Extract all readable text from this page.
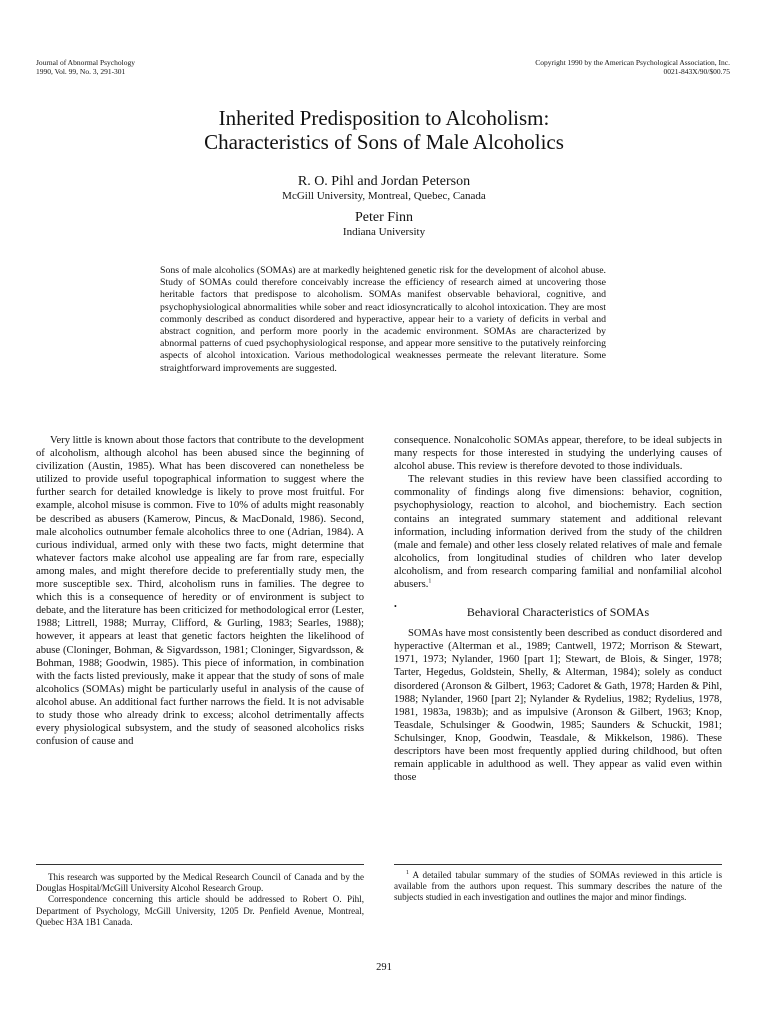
Journal of Abnormal Psychology
1990, Vol. 99, No. 3, 291-301
Copyright 1990 by the American Psychological Association, Inc.
0021-843X/90/$00.75
Inherited Predisposition to Alcoholism:
Characteristics of Sons of Male Alcoholics
R. O. Pihl and Jordan Peterson
McGill University, Montreal, Quebec, Canada
Peter Finn
Indiana University
Sons of male alcoholics (SOMAs) are at markedly heightened genetic risk for the development of alcohol abuse. Study of SOMAs could therefore conceivably increase the efficiency of research aimed at uncovering those heritable factors that predispose to alcoholism. SOMAs manifest observable behavioral, cognitive, and psychophysiological abnormalities while sober and react idiosyncratically to alcohol intoxication. They are most commonly described as conduct disordered and hyperactive, appear heir to a variety of deficits in verbal and abstract cognition, and perform more poorly in the academic environment. SOMAs are characterized by abnormal patterns of cued psychophysiological response, and appear more sensitive to the putatively reinforcing aspects of alcohol intoxication. Various methodological weaknesses permeate the relevant literature. Some straightforward improvements are suggested.

Very little is known about those factors that contribute to the development of alcoholism, although alcohol has been abused since the beginning of civilization (Austin, 1985). What has been discovered can nonetheless be utilized to provide useful topographical information to suggest where the further search for detailed knowledge is likely to prove most fruitful. For example, alcohol misuse is common. Five to 10% of adults might reasonably be described as abusers (Kamerow, Pincus, & MacDonald, 1986). Second, male alcoholics outnumber female alcoholics three to one (Adrian, 1984). A curious individual, armed only with these two facts, might determine that whatever factors make alcohol use appealing are far from rare, especially among males, and might therefore decide to preferentially study men, the more susceptible sex. Third, alcoholism runs in families. The degree to which this is a consequence of heredity or of environment is subject to debate, and the literature has been criticized for methodological error (Lester, 1988; Littrell, 1988; Murray, Clifford, & Gurling, 1983; Searles, 1988); however, it appears at least that genetic factors heighten the likelihood of abuse (Cloninger, Bohman, & Sigvardsson, 1981; Cloninger, Sigvardsson, & Bohman, 1988; Goodwin, 1985). This piece of information, in combination with the facts listed previously, make it appear that the study of sons of male alcoholics (SOMAs) might be particularly useful in analysis of the cause of alcohol abuse. An additional fact further narrows the field. It is not advisable to study those who already drink to excess; alcohol detrimentally affects every physiological subsystem, and the study of seasoned alcoholics risks confusion of cause and

consequence. Nonalcoholic SOMAs appear, therefore, to be ideal subjects in many respects for those interested in studying the underlying causes of alcohol abuse. This review is therefore devoted to those individuals.

The relevant studies in this review have been classified according to commonality of findings along five dimensions: behavior, cognition, psychophysiology, reaction to alcohol, and biochemistry. Each section contains an integrated summary statement and additional relevant information, including information derived from the study of the children (male and female) and other less closely related relatives of male and female alcoholics, from longitudinal studies of children who later develop alcoholism, and from research comparing familial and nonfamilial alcohol abusers.$^1$

•	Behavioral Characteristics of SOMAs

SOMAs have most consistently been described as conduct disordered and hyperactive (Alterman et al., 1989; Cantwell, 1972; Morrison & Stewart, 1971, 1973; Nylander, 1960 [part 1]; Stewart, de Blois, & Singer, 1978; Tarter, Hegedus, Goldstein, Shelly, & Alterman, 1984); solely as conduct disordered (Aronson & Gilbert, 1963; Cadoret & Gath, 1978; Harden & Pihl, 1988; Nylander, 1960 [part 2]; Nylander & Rydelius, 1982; Rydelius, 1978, 1981, 1983a, 1983b); and as impulsive (Aronson & Gilbert, 1963; Knop, Teasdale, Schulsinger & Goodwin, 1985; Saunders & Schuckit, 1981; Schulsinger, Knop, Goodwin, Teasdale, & Mikkelson, 1986). These descriptors have been most frequently applied during childhood, but often remain applicable in adulthood as well. They appear as valid even within those

This research was supported by the Medical Research Council of Canada and by the Douglas Hospital/McGill University Alcohol Research Group.

Correspondence concerning this article should be addressed to Robert O. Pihl, Department of Psychology, McGill University, 1205 Dr. Penfield Avenue, Montreal, Quebec H3A 1B1 Canada.

$^1$ A detailed tabular summary of the studies of SOMAs reviewed in this article is available from the authors upon request. This summary describes the nature of the subjects studied in each investigation and outlines the major and minor findings.

291
